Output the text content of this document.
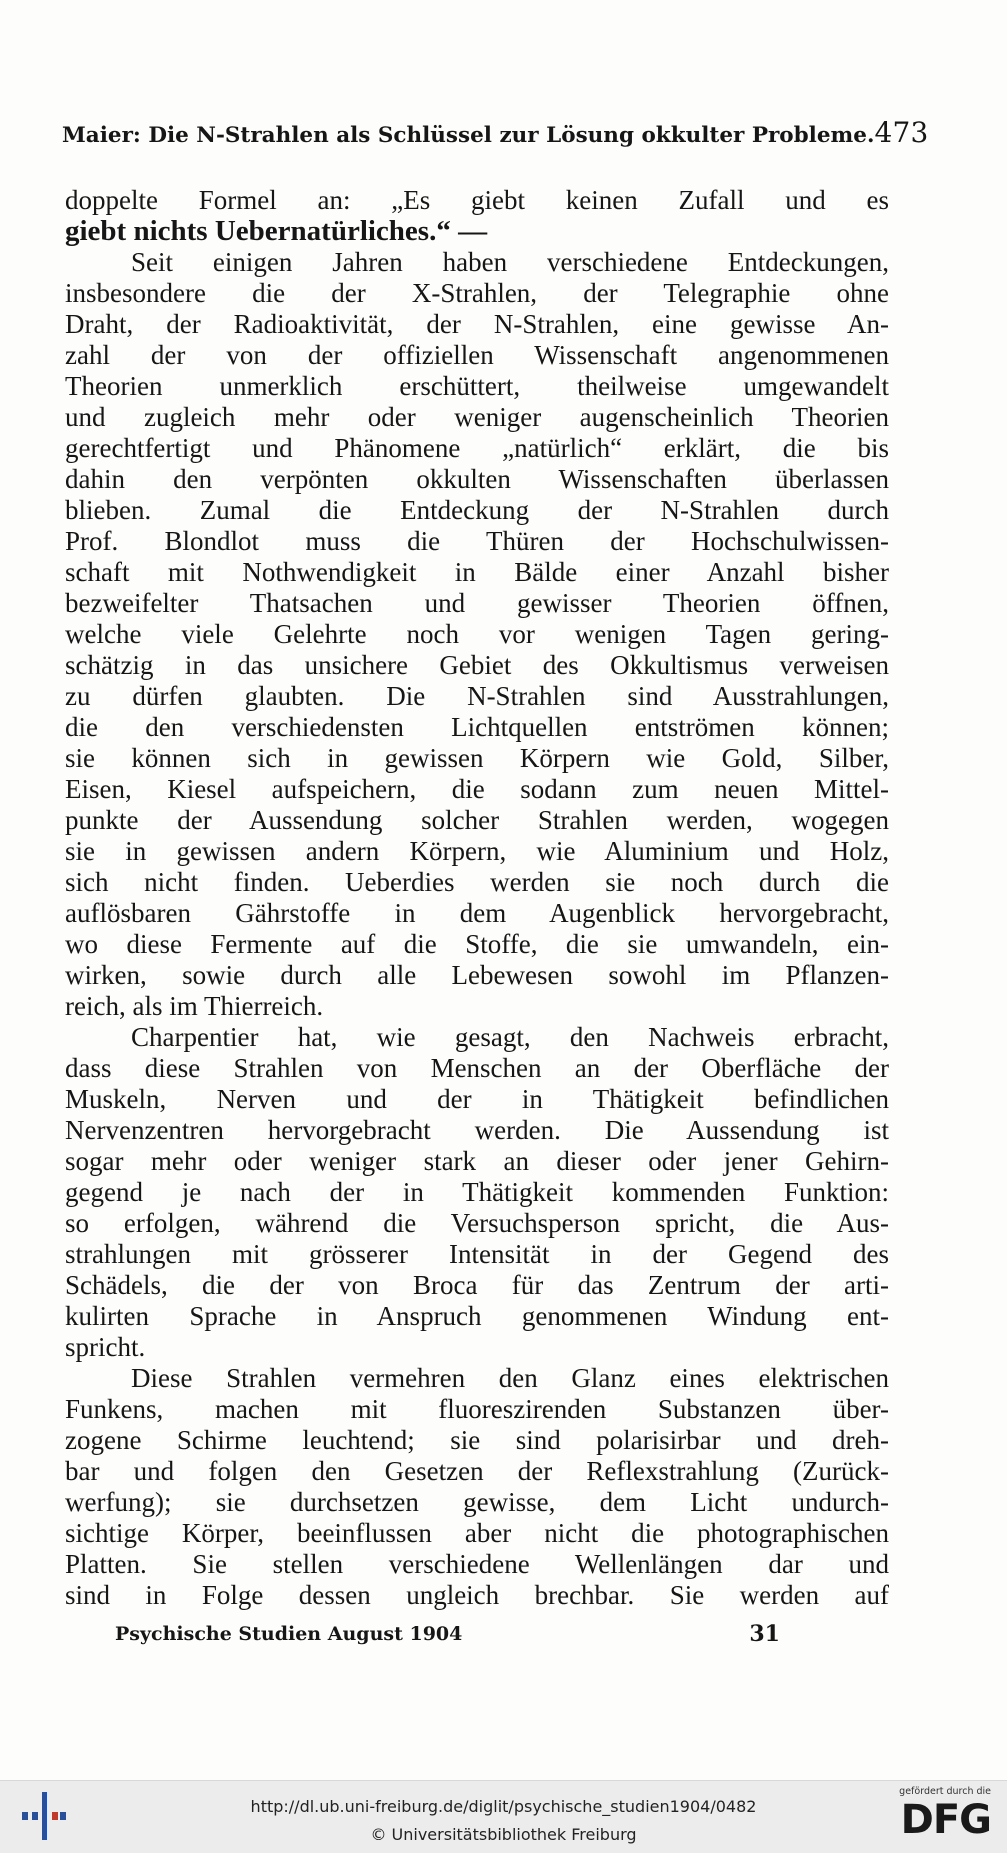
Maier: Die N-Strahlen als Schlüssel zur Lösung okkulter Probleme. 473
doppelte Formel an: „Es giebt keinen Zufall und es
giebt nichts Uebernatürliches.“ —
Seit einigen Jahren haben verschiedene Entdeckungen,
insbesondere die der X-Strahlen, der Telegraphie ohne
Draht, der Radioaktivität, der N-Strahlen, eine gewisse An-
zahl der von der offiziellen Wissenschaft angenommenen
Theorien unmerklich erschüttert, theilweise umgewandelt
und zugleich mehr oder weniger augenscheinlich Theorien
gerechtfertigt und Phänomene „natürlich“ erklärt, die bis
dahin den verpönten okkulten Wissenschaften überlassen
blieben. Zumal die Entdeckung der N-Strahlen durch
Prof. Blondlot muss die Thüren der Hochschulwissen-
schaft mit Nothwendigkeit in Bälde einer Anzahl bisher
bezweifelter Thatsachen und gewisser Theorien öffnen,
welche viele Gelehrte noch vor wenigen Tagen gering-
schätzig in das unsichere Gebiet des Okkultismus verweisen
zu dürfen glaubten. Die N-Strahlen sind Ausstrahlungen,
die den verschiedensten Lichtquellen entströmen können;
sie können sich in gewissen Körpern wie Gold, Silber,
Eisen, Kiesel aufspeichern, die sodann zum neuen Mittel-
punkte der Aussendung solcher Strahlen werden, wogegen
sie in gewissen andern Körpern, wie Aluminium und Holz,
sich nicht finden. Ueberdies werden sie noch durch die
auflösbaren Gährstoffe in dem Augenblick hervorgebracht,
wo diese Fermente auf die Stoffe, die sie umwandeln, ein-
wirken, sowie durch alle Lebewesen sowohl im Pflanzen-
reich, als im Thierreich.
Charpentier hat, wie gesagt, den Nachweis erbracht,
dass diese Strahlen von Menschen an der Oberfläche der
Muskeln, Nerven und der in Thätigkeit befindlichen
Nervenzentren hervorgebracht werden. Die Aussendung ist
sogar mehr oder weniger stark an dieser oder jener Gehirn-
gegend je nach der in Thätigkeit kommenden Funktion:
so erfolgen, während die Versuchsperson spricht, die Aus-
strahlungen mit grösserer Intensität in der Gegend des
Schädels, die der von Broca für das Zentrum der arti-
kulirten Sprache in Anspruch genommenen Windung ent-
spricht.
Diese Strahlen vermehren den Glanz eines elektrischen
Funkens, machen mit fluoreszirenden Substanzen über-
zogene Schirme leuchtend; sie sind polarisirbar und dreh-
bar und folgen den Gesetzen der Reflexstrahlung (Zurück-
werfung); sie durchsetzen gewisse, dem Licht undurch-
sichtige Körper, beeinflussen aber nicht die photographischen
Platten. Sie stellen verschiedene Wellenlängen dar und
sind in Folge dessen ungleich brechbar. Sie werden auf
Psychische Studien August 1904	31
http://dl.ub.uni-freiburg.de/diglit/psychische_studien1904/0482
© Universitätsbibliothek Freiburg
gefördert durch die
DFG
